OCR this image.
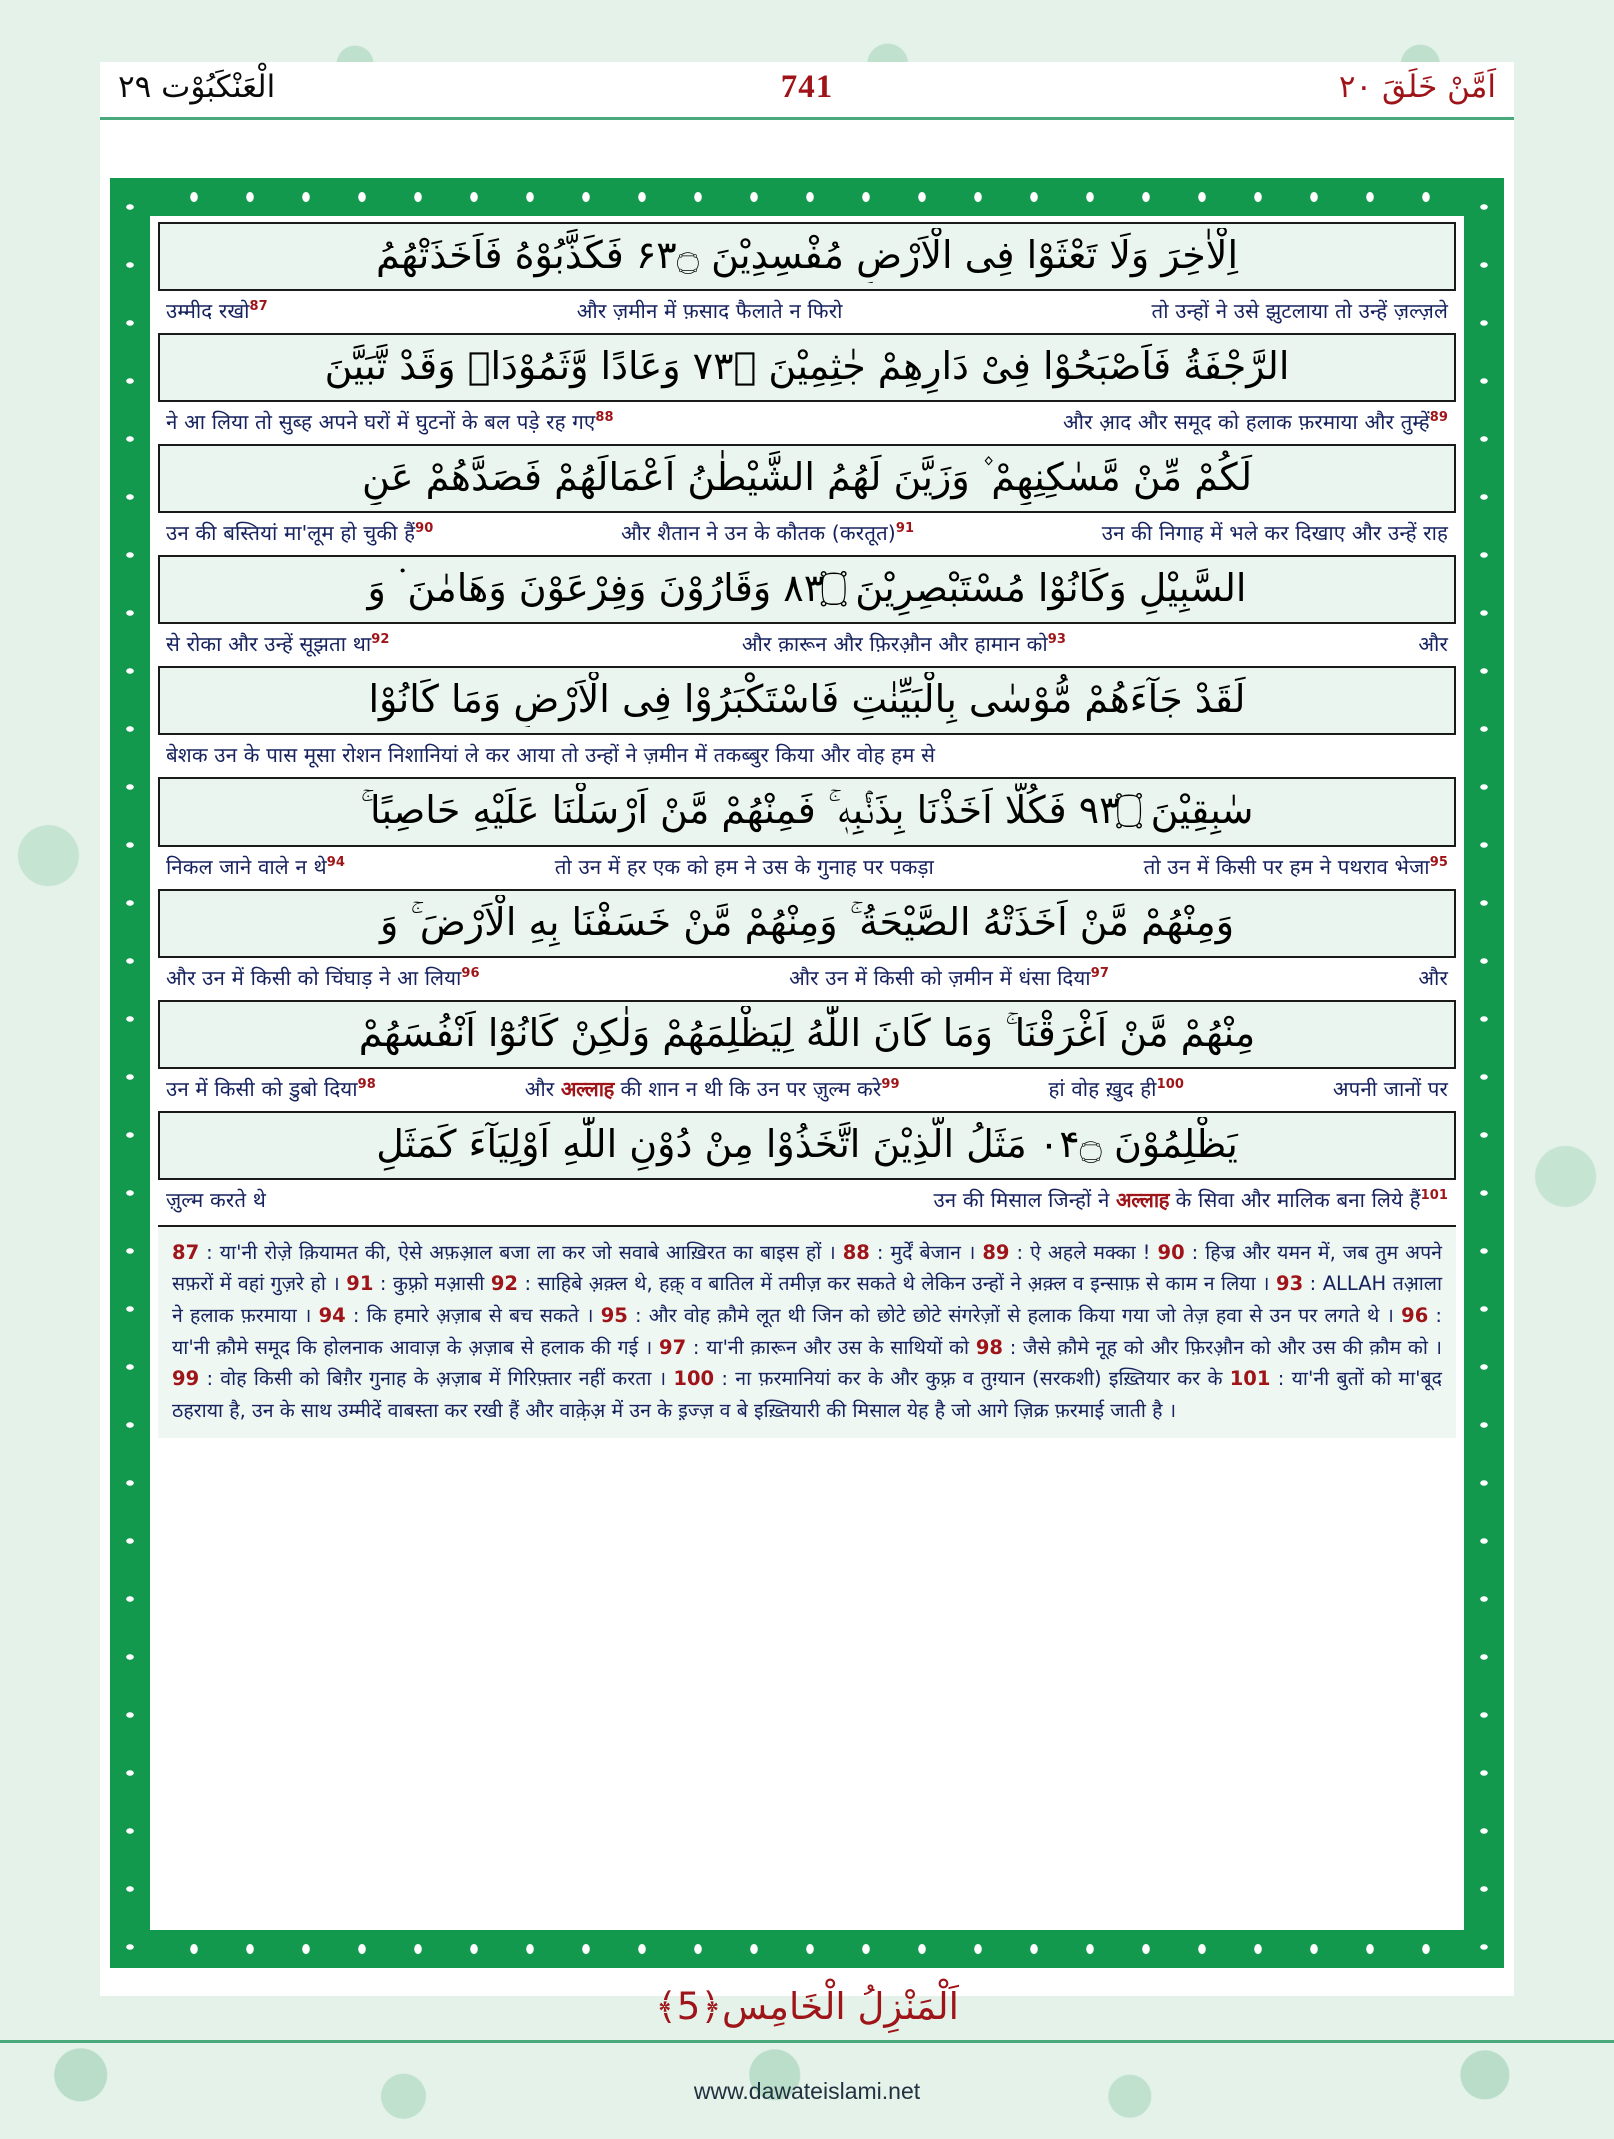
الْعَنْكَبُوْت ٢٩	741	اَمَّنْ خَلَقَ ٢٠
اِلْاٰخِرَ وَلَا تَعْثَوْا فِى الْاَرْضِ مُفْسِدِيْنَ ۝۳۶ فَكَذَّبُوْهُ فَاَخَذَتْهُمُ
उम्मीद रखो$^{87}$	और ज़मीन में फ़साद फैलाते न फिरो	तो उन्हों ने उसे झुटलाया तो उन्हें ज़ल्ज़ले
الرَّجْفَةُ فَاَصْبَحُوْا فِىْ دَارِهِمْ جٰثِمِيْنَ ۝۳۷ وَعَادًا وَّثَمُوْدَا۟ وَقَدْ تَّبَيَّنَ
ने आ लिया तो सुब्ह अपने घरों में घुटनों के बल पड़े रह गए$^{88}$	और आ़द और समूद को हलाक फ़रमाया और तुम्हें$^{89}$
لَكُمْ مِّنْ مَّسٰكِنِهِمْ ۫ وَزَيَّنَ لَهُمُ الشَّيْطٰنُ اَعْمَالَهُمْ فَصَدَّهُمْ عَنِ
उन की बस्तियां मा'लूम हो चुकी हैं$^{90}$	और शैतान ने उन के कौतक (करतूत)$^{91}$	उन की निगाह में भले कर दिखाए और उन्हें राह
السَّبِيْلِ وَكَانُوْا مُسْتَبْصِرِيْنَ ۝۳۸ وَقَارُوْنَ وَفِرْعَوْنَ وَهَامٰنَ ۬ وَ
से रोका और उन्हें सूझता था$^{92}$	और क़ारून और फ़िरऔ़न और हामान को$^{93}$	और
لَقَدْ جَآءَهُمْ مُّوْسٰى بِالْبَيِّنٰتِ فَاسْتَكْبَرُوْا فِى الْاَرْضِ وَمَا كَانُوْا
बेशक उन के पास मूसा रोशन निशानियां ले कर आया तो उन्हों ने ज़मीन में तकब्बुर किया और वोह हम से
سٰبِقِيْنَ ۝۳۹ فَكُلًّا اَخَذْنَا بِذَنْۢبِهٖ ۚ فَمِنْهُمْ مَّنْ اَرْسَلْنَا عَلَيْهِ حَاصِبًا ۚ
निकल जाने वाले न थे$^{94}$	तो उन में हर एक को हम ने उस के गुनाह पर पकड़ा	तो उन में किसी पर हम ने पथराव भेजा$^{95}$
وَمِنْهُمْ مَّنْ اَخَذَتْهُ الصَّيْحَةُ ۚ وَمِنْهُمْ مَّنْ خَسَفْنَا بِهِ الْاَرْضَ ۚ وَ
और उन में किसी को चिंघाड़ ने आ लिया$^{96}$	और उन में किसी को ज़मीन में धंसा दिया$^{97}$	और
مِنْهُمْ مَّنْ اَغْرَقْنَا ۚ وَمَا كَانَ اللّٰهُ لِيَظْلِمَهُمْ وَلٰكِنْ كَانُوْٓا اَنْفُسَهُمْ
उन में किसी को डुबो दिया$^{98}$	और अल्लाह की शान न थी कि उन पर ज़ुल्म करे$^{99}$	हां वोह खु़द ही$^{100}$	अपनी जानों पर
يَظْلِمُوْنَ ۝۴۰ مَثَلُ الَّذِيْنَ اتَّخَذُوْا مِنْ دُوْنِ اللّٰهِ اَوْلِيَآءَ كَمَثَلِ
ज़ुल्म करते थे	उन की मिसाल जिन्हों ने अल्लाह के सिवा और मालिक बना लिये हैं$^{101}$
87 : या'नी रोज़े क़ियामत की, ऐसे अफ़आ़ल बजा ला कर जो सवाबे आख़िरत का बाइस हों । 88 : मुर्दें बेजान । 89 : ऐ अहले मक्का ! 90 : हिज्र और यमन में, जब तुम अपने सफ़रों में वहां गुज़रे हो । 91 : कुफ़्रो मआ़सी 92 : साहिबे अ़क़्ल थे, हक़् व बातिल में तमीज़ कर सकते थे लेकिन उन्हों ने अ़क़्ल व इन्साफ़ से काम न लिया । 93 : ALLAH तआ़ला ने हलाक फ़रमाया । 94 : कि हमारे अ़ज़ाब से बच सकते । 95 : और वोह क़ौमे लूत थी जिन को छोटे छोटे संगरेज़ों से हलाक किया गया जो तेज़ हवा से उन पर लगते थे । 96 : या'नी क़ौमे समूद कि होलनाक आवाज़ के अ़ज़ाब से हलाक की गई । 97 : या'नी क़ारून और उस के साथियों को 98 : जैसे क़ौमे नूह को और फ़िरऔ़न को और उस की क़ौम को । 99 : वोह किसी को बिगै़र गुनाह के अ़ज़ाब में गिरिफ़्तार नहीं करता । 100 : ना फ़रमानियां कर के और कुफ़्र व तुग़्यान (सरकशी) इख़्तियार कर के 101 : या'नी बुतों को मा'बूद ठहराया है, उन के साथ उम्मीदें वाबस्ता कर रखी हैं और वाक़े़अ़ में उन के इ़ज्ज़ व बे इख़्तियारी की मिसाल येह है जो आगे ज़िक्र फ़रमाई जाती है ।
اَلْمَنْزِلُ الْخَامِس﴿5﴾
www.dawateislami.net
